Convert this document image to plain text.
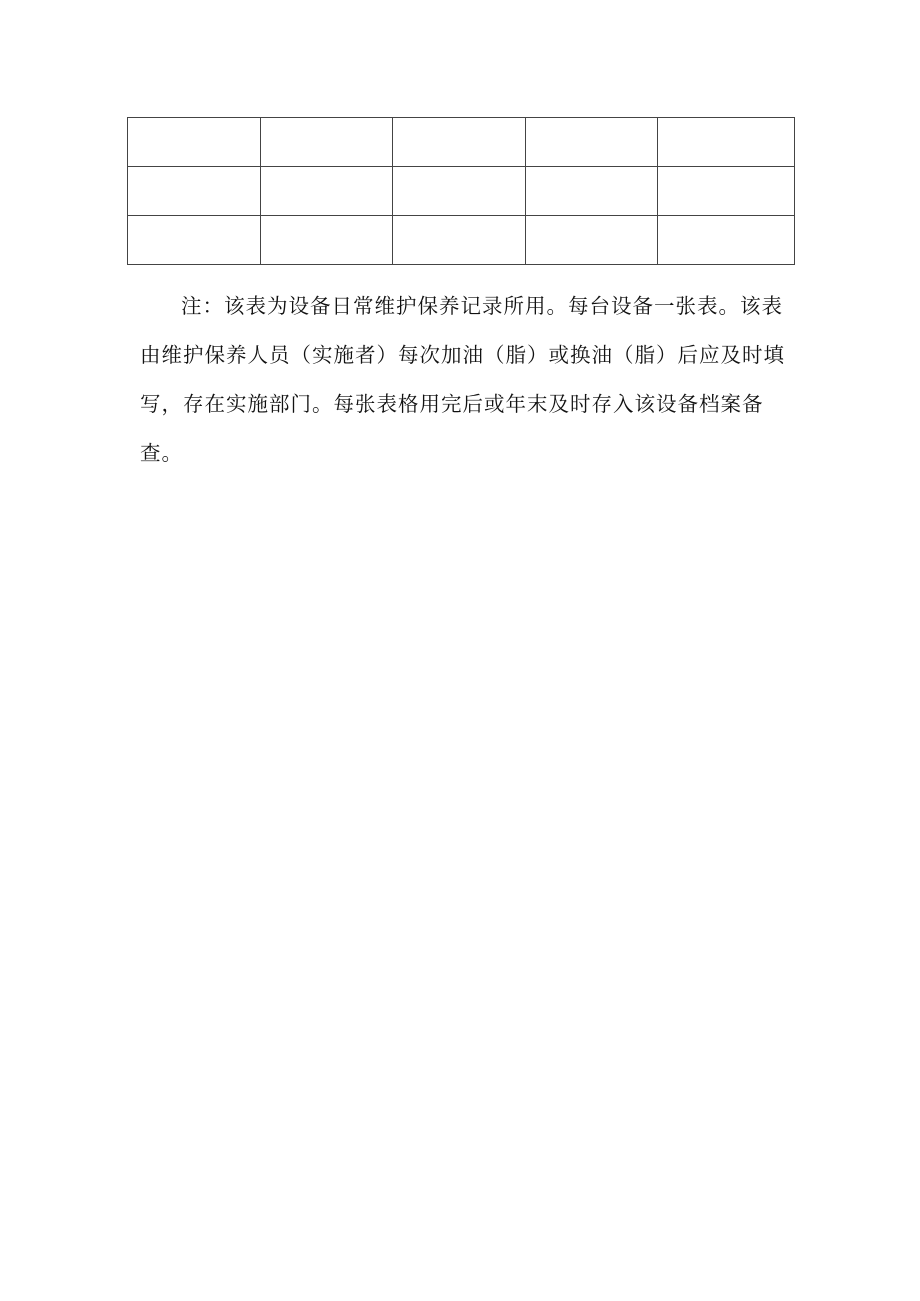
注：该表为设备日常维护保养记录所用。每台设备一张表。该表
由维护保养人员（实施者）每次加油（脂）或换油（脂）后应及时填
写，存在实施部门。每张表格用完后或年末及时存入该设备档案备
查。
